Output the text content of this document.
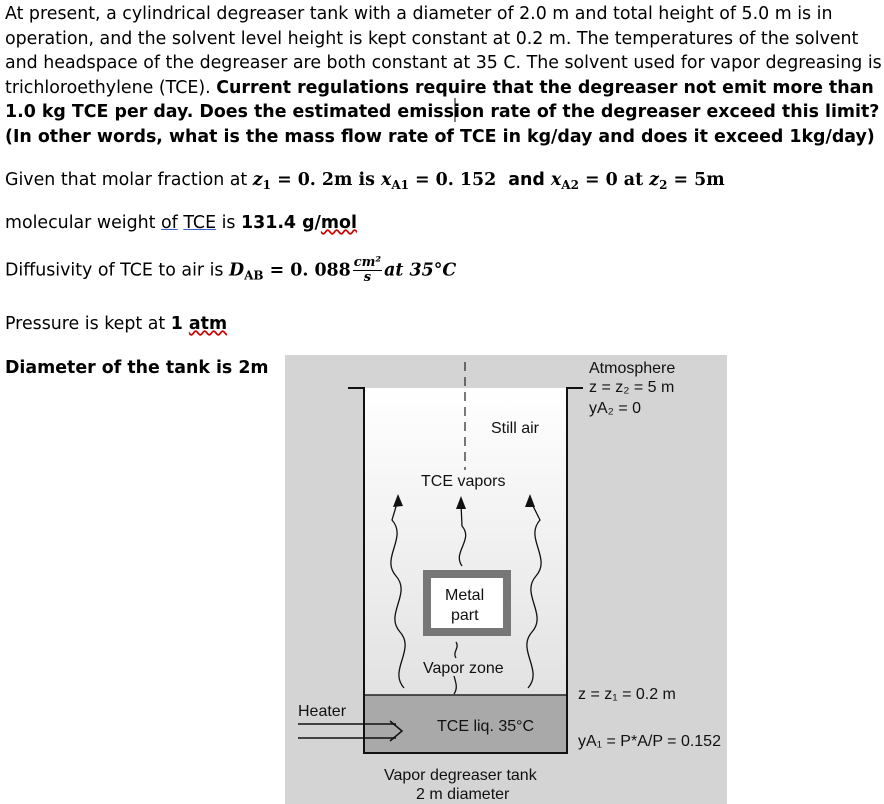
At present, a cylindrical degreaser tank with a diameter of 2.0 m and total height of 5.0 m is in operation, and the solvent level height is kept constant at 0.2 m. The temperatures of the solvent and headspace of the degreaser are both constant at 35 C. The solvent used for vapor degreasing is trichloroethylene (TCE). Current regulations require that the degreaser not emit more than 1.0 kg TCE per day. Does the estimated emission rate of the degreaser exceed this limit? (In other words, what is the mass flow rate of TCE in kg/day and does it exceed 1kg/day)
Given that molar fraction at $z_1 = 0$. 2m is $x_{A1} = 0$. 152  and $x_{A2} = 0$ at $z_2 = 5m$
molecular weight of TCE is 131.4 g/mol
Diffusivity of TCE to air is $D_{AB} = 0$. $088 \frac{\text{cm²}}{s}$ at 35°C
Pressure is kept at 1 atm
Diameter of the tank is 2m	Atmosphere
z = z₂ = 5 m
yA₂ = 0
Still air
TCE vapors
Metal
part
Vapor zone
Heater
TCE liq. 35°C
z = z₁ = 0.2 m
yA₁ = P*A/P = 0.152
Vapor degreaser tank
2 m diameter
